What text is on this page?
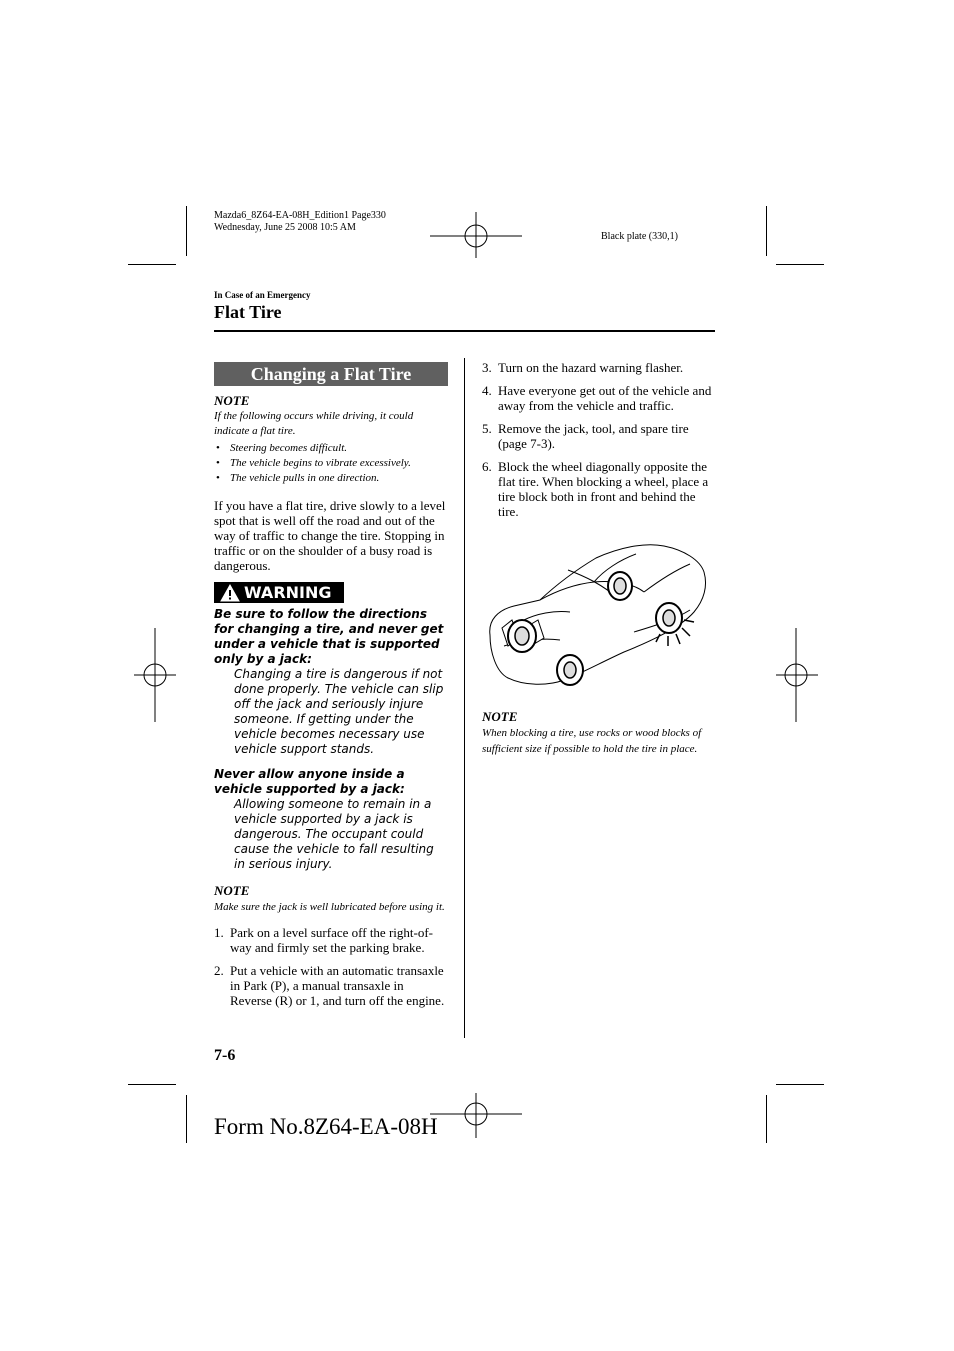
Mazda6_8Z64-EA-08H_Edition1 Page330
Wednesday, June 25 2008 10:5 AM
Black plate (330,1)
In Case of an Emergency
Flat Tire
Changing a Flat Tire

NOTE

If the following occurs while driving, it could indicate a flat tire.

• Steering becomes difficult.
• The vehicle begins to vibrate excessively.
• The vehicle pulls in one direction.

If you have a flat tire, drive slowly to a level spot that is well off the road and out of the way of traffic to change the tire. Stopping in traffic or on the shoulder of a busy road is dangerous.

WARNING

Be sure to follow the directions for changing a tire, and never get under a vehicle that is supported only by a jack:

Changing a tire is dangerous if not done properly. The vehicle can slip off the jack and seriously injure someone. If getting under the vehicle becomes necessary use vehicle support stands.

Never allow anyone inside a vehicle supported by a jack:

Allowing someone to remain in a vehicle supported by a jack is dangerous. The occupant could cause the vehicle to fall resulting in serious injury.

NOTE

Make sure the jack is well lubricated before using it.

1. Park on a level surface off the right-of-way and firmly set the parking brake.
2. Put a vehicle with an automatic transaxle in Park (P), a manual transaxle in Reverse (R) or 1, and turn off the engine.
3. Turn on the hazard warning flasher.
4. Have everyone get out of the vehicle and away from the vehicle and traffic.
5. Remove the jack, tool, and spare tire (page 7-3).
6. Block the wheel diagonally opposite the flat tire. When blocking a wheel, place a tire block both in front and behind the tire.

NOTE

When blocking a tire, use rocks or wood blocks of sufficient size if possible to hold the tire in place.

7-6
Form No.8Z64-EA-08H
